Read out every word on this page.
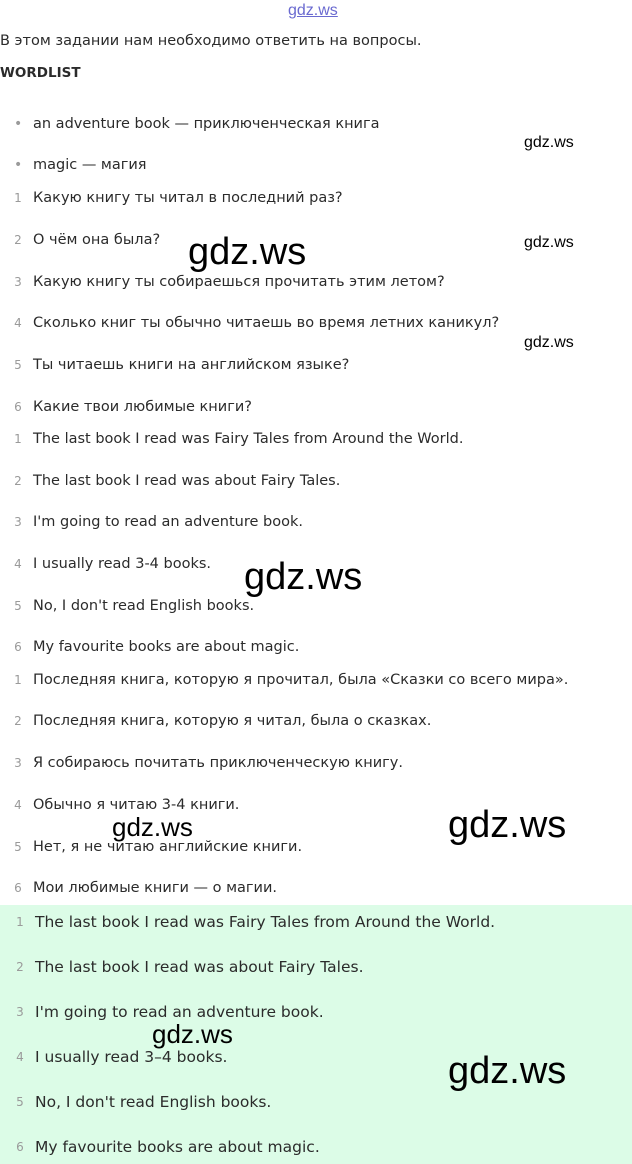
gdz.ws
В этом задании нам необходимо ответить на вопросы.
WORDLIST
• an adventure book — приключенческая книга
• magic — магия
1 Какую книгу ты читал в последний раз?
2 О чём она была?
3 Какую книгу ты собираешься прочитать этим летом?
4 Сколько книг ты обычно читаешь во время летних каникул?
5 Ты читаешь книги на английском языке?
6 Какие твои любимые книги?
1 The last book I read was Fairy Tales from Around the World.
2 The last book I read was about Fairy Tales.
3 I'm going to read an adventure book.
4 I usually read 3-4 books.
5 No, I don't read English books.
6 My favourite books are about magic.
1 Последняя книга, которую я прочитал, была «Сказки со всего мира».
2 Последняя книга, которую я читал, была о сказках.
3 Я собираюсь почитать приключенческую книгу.
4 Обычно я читаю 3-4 книги.
5 Нет, я не читаю английские книги.
6 Мои любимые книги — о магии.
1 The last book I read was Fairy Tales from Around the World.
2 The last book I read was about Fairy Tales.
3 I'm going to read an adventure book.
4 I usually read 3–4 books.
5 No, I don't read English books.
6 My favourite books are about magic.
gdz.ws
gdz.ws
gdz.ws
gdz.ws
gdz.ws
gdz.ws
gdz.ws
gdz.ws
gdz.ws
